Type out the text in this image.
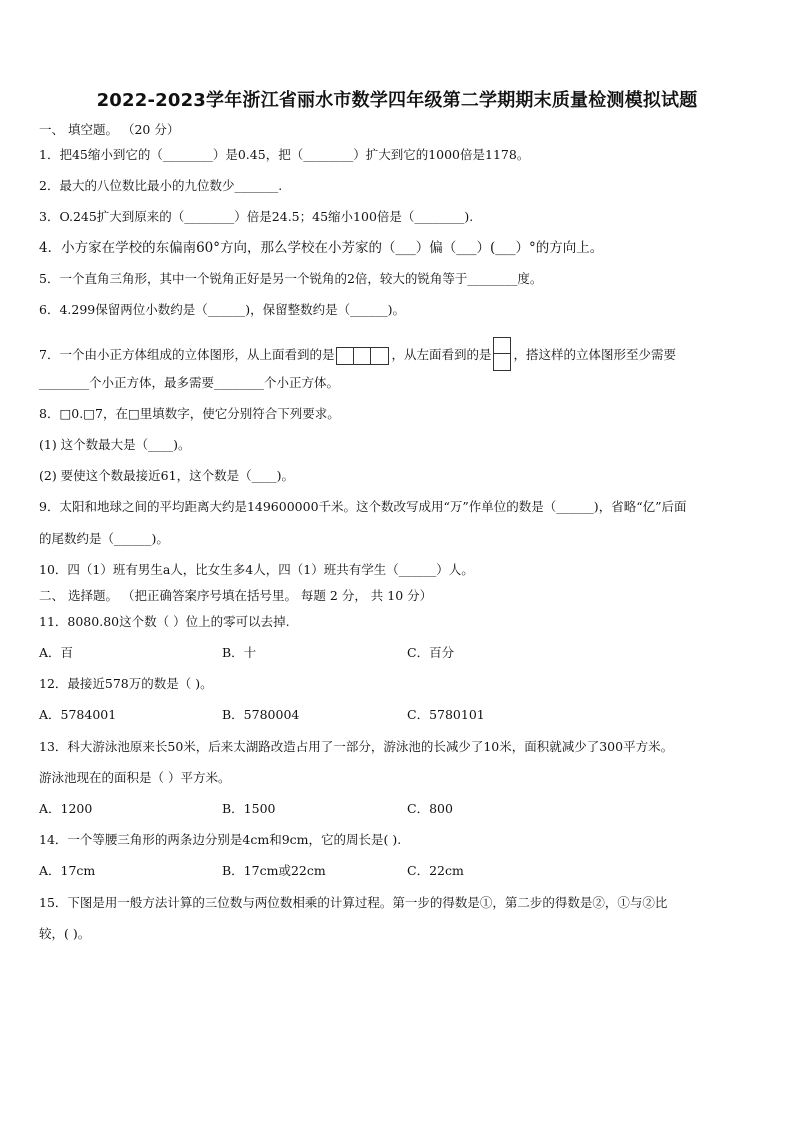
2022-2023学年浙江省丽水市数学四年级第二学期期末质量检测模拟试题
一、 填空题。 （20 分）
1．把45缩小到它的（________）是0.45，把（________）扩大到它的1000倍是1178。
2．最大的八位数比最小的九位数少_______.
3．O.245扩大到原来的（________）倍是24.5；45缩小100倍是（________).
4．小方家在学校的东偏南60°方向，那么学校在小芳家的（___）偏（___）(___）°的方向上。
5．一个直角三角形，其中一个锐角正好是另一个锐角的2倍，较大的锐角等于________度。
6．4.299保留两位小数约是（______)，保留整数约是（______)。
7．一个由小正方体组成的立体图形，从上面看到的是	，从左面看到的是 ，搭这样的立体图形至少需要
________个小正方体，最多需要________个小正方体。
8．□0.□7，在□里填数字，使它分别符合下列要求。
(1) 这个数最大是（____)。
(2) 要使这个数最接近61，这个数是（____)。
9．太阳和地球之间的平均距离大约是149600000千米。这个数改写成用“万”作单位的数是（______)，省略“亿”后面
的尾数约是（______)。
10．四（1）班有男生a人，比女生多4人，四（1）班共有学生（______）人。
二、 选择题。 （把正确答案序号填在括号里。 每题 2 分， 共 10 分）
11．8080.80这个数（ ）位上的零可以去掉.
A．百	B．十	C．百分
12．最接近578万的数是（ )。
A．5784001	B．5780004	C．5780101
13．科大游泳池原来长50米，后来太湖路改造占用了一部分，游泳池的长减少了10米，面积就减少了300平方米。
游泳池现在的面积是（ ）平方米。
A．1200	B．1500	C．800
14．一个等腰三角形的两条边分别是4cm和9cm，它的周长是( ).
A．17cm	B．17cm或22cm	C．22cm
15．下图是用一般方法计算的三位数与两位数相乘的计算过程。第一步的得数是①，第二步的得数是②，①与②比
较，( )。
